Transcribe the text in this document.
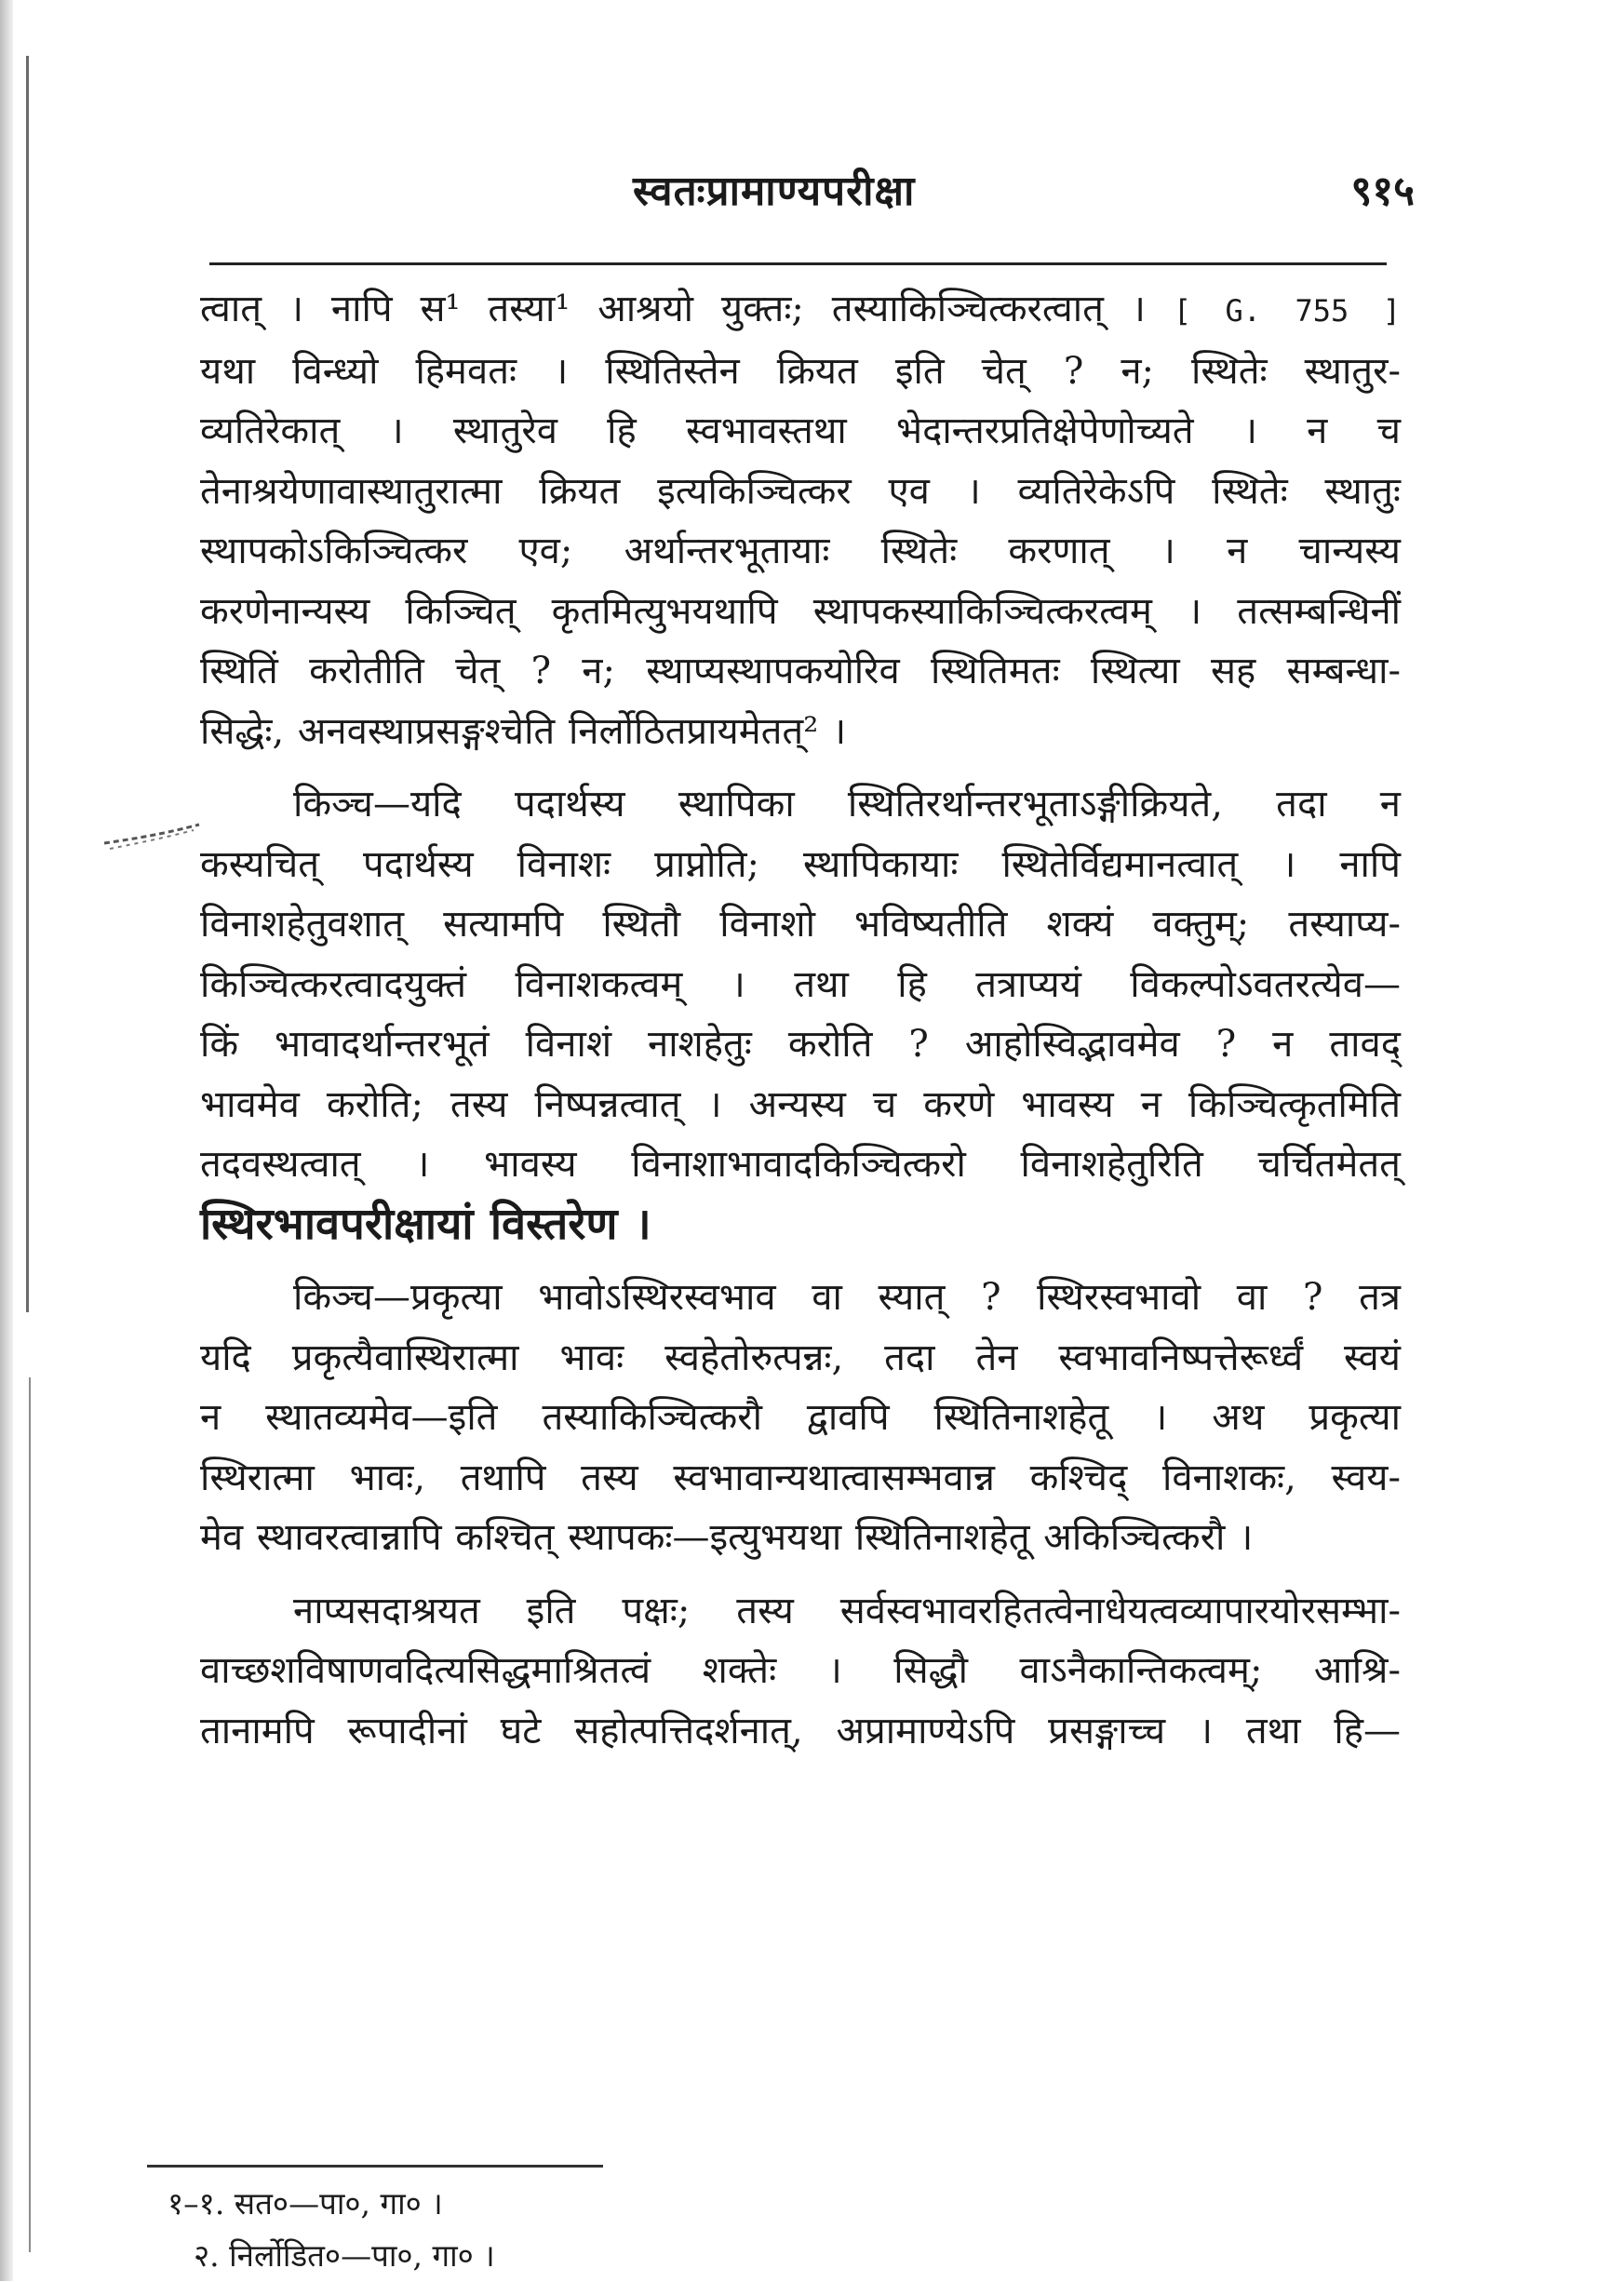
स्वतःप्रामाण्यपरीक्षा	९१५

त्वात् । नापि स¹ तस्या¹ आश्रयो युक्तः; तस्याकिञ्चित्करत्वात् । [ G. 755 ]

यथा विन्ध्यो हिमवतः । स्थितिस्तेन क्रियत इति चेत् ? न; स्थितेः स्थातुर-

व्यतिरेकात् । स्थातुरेव हि स्वभावस्तथा भेदान्तरप्रतिक्षेपेणोच्यते । न च

तेनाश्रयेणावास्थातुरात्मा क्रियत इत्यकिञ्चित्कर एव । व्यतिरेकेऽपि स्थितेः स्थातुः

स्थापकोऽकिञ्चित्कर एव; अर्थान्तरभूतायाः स्थितेः करणात् । न चान्यस्य

करणेनान्यस्य किञ्चित् कृतमित्युभयथापि स्थापकस्याकिञ्चित्करत्वम् । तत्सम्बन्धिनीं

स्थितिं करोतीति चेत् ? न; स्थाप्यस्थापकयोरिव स्थितिमतः स्थित्या सह सम्बन्धा-

सिद्धेः, अनवस्थाप्रसङ्गश्चेति निर्लोठितप्रायमेतत्² ।

किञ्च—यदि पदार्थस्य स्थापिका स्थितिरर्थान्तरभूताऽङ्गीक्रियते, तदा न

कस्यचित् पदार्थस्य विनाशः प्राप्नोति; स्थापिकायाः स्थितेर्विद्यमानत्वात् । नापि

विनाशहेतुवशात् सत्यामपि स्थितौ विनाशो भविष्यतीति शक्यं वक्तुम्; तस्याप्य-

किञ्चित्करत्वादयुक्तं विनाशकत्वम् । तथा हि तत्राप्ययं विकल्पोऽवतरत्येव—

किं भावादर्थान्तरभूतं विनाशं नाशहेतुः करोति ? आहोस्विद्भावमेव ? न तावद्

भावमेव करोति; तस्य निष्पन्नत्वात् । अन्यस्य च करणे भावस्य न किञ्चित्कृतमिति

तदवस्थत्वात् । भावस्य विनाशाभावादकिञ्चित्करो विनाशहेतुरिति चर्चितमेतत्

स्थिरभावपरीक्षायां विस्तरेण ।

किञ्च—प्रकृत्या भावोऽस्थिरस्वभाव वा स्यात् ? स्थिरस्वभावो वा ? तत्र

यदि प्रकृत्यैवास्थिरात्मा भावः स्वहेतोरुत्पन्नः, तदा तेन स्वभावनिष्पत्तेरूर्ध्वं स्वयं

न स्थातव्यमेव—इति तस्याकिञ्चित्करौ द्वावपि स्थितिनाशहेतू । अथ प्रकृत्या

स्थिरात्मा भावः, तथापि तस्य स्वभावान्यथात्वासम्भवान्न कश्चिद् विनाशकः, स्वय-

मेव स्थावरत्वान्नापि कश्चित् स्थापकः—इत्युभयथा स्थितिनाशहेतू अकिञ्चित्करौ ।

नाप्यसदाश्रयत इति पक्षः; तस्य सर्वस्वभावरहितत्वेनाधेयत्वव्यापारयोरसम्भा-

वाच्छशविषाणवदित्यसिद्धमाश्रितत्वं शक्तेः । सिद्धौ वाऽनैकान्तिकत्वम्; आश्रि-

तानामपि रूपादीनां घटे सहोत्पत्तिदर्शनात्, अप्रामाण्येऽपि प्रसङ्गाच्च । तथा हि—

१–१. सत०—पा०, गा० ।
२. निर्लोडित०—पा०, गा० ।
